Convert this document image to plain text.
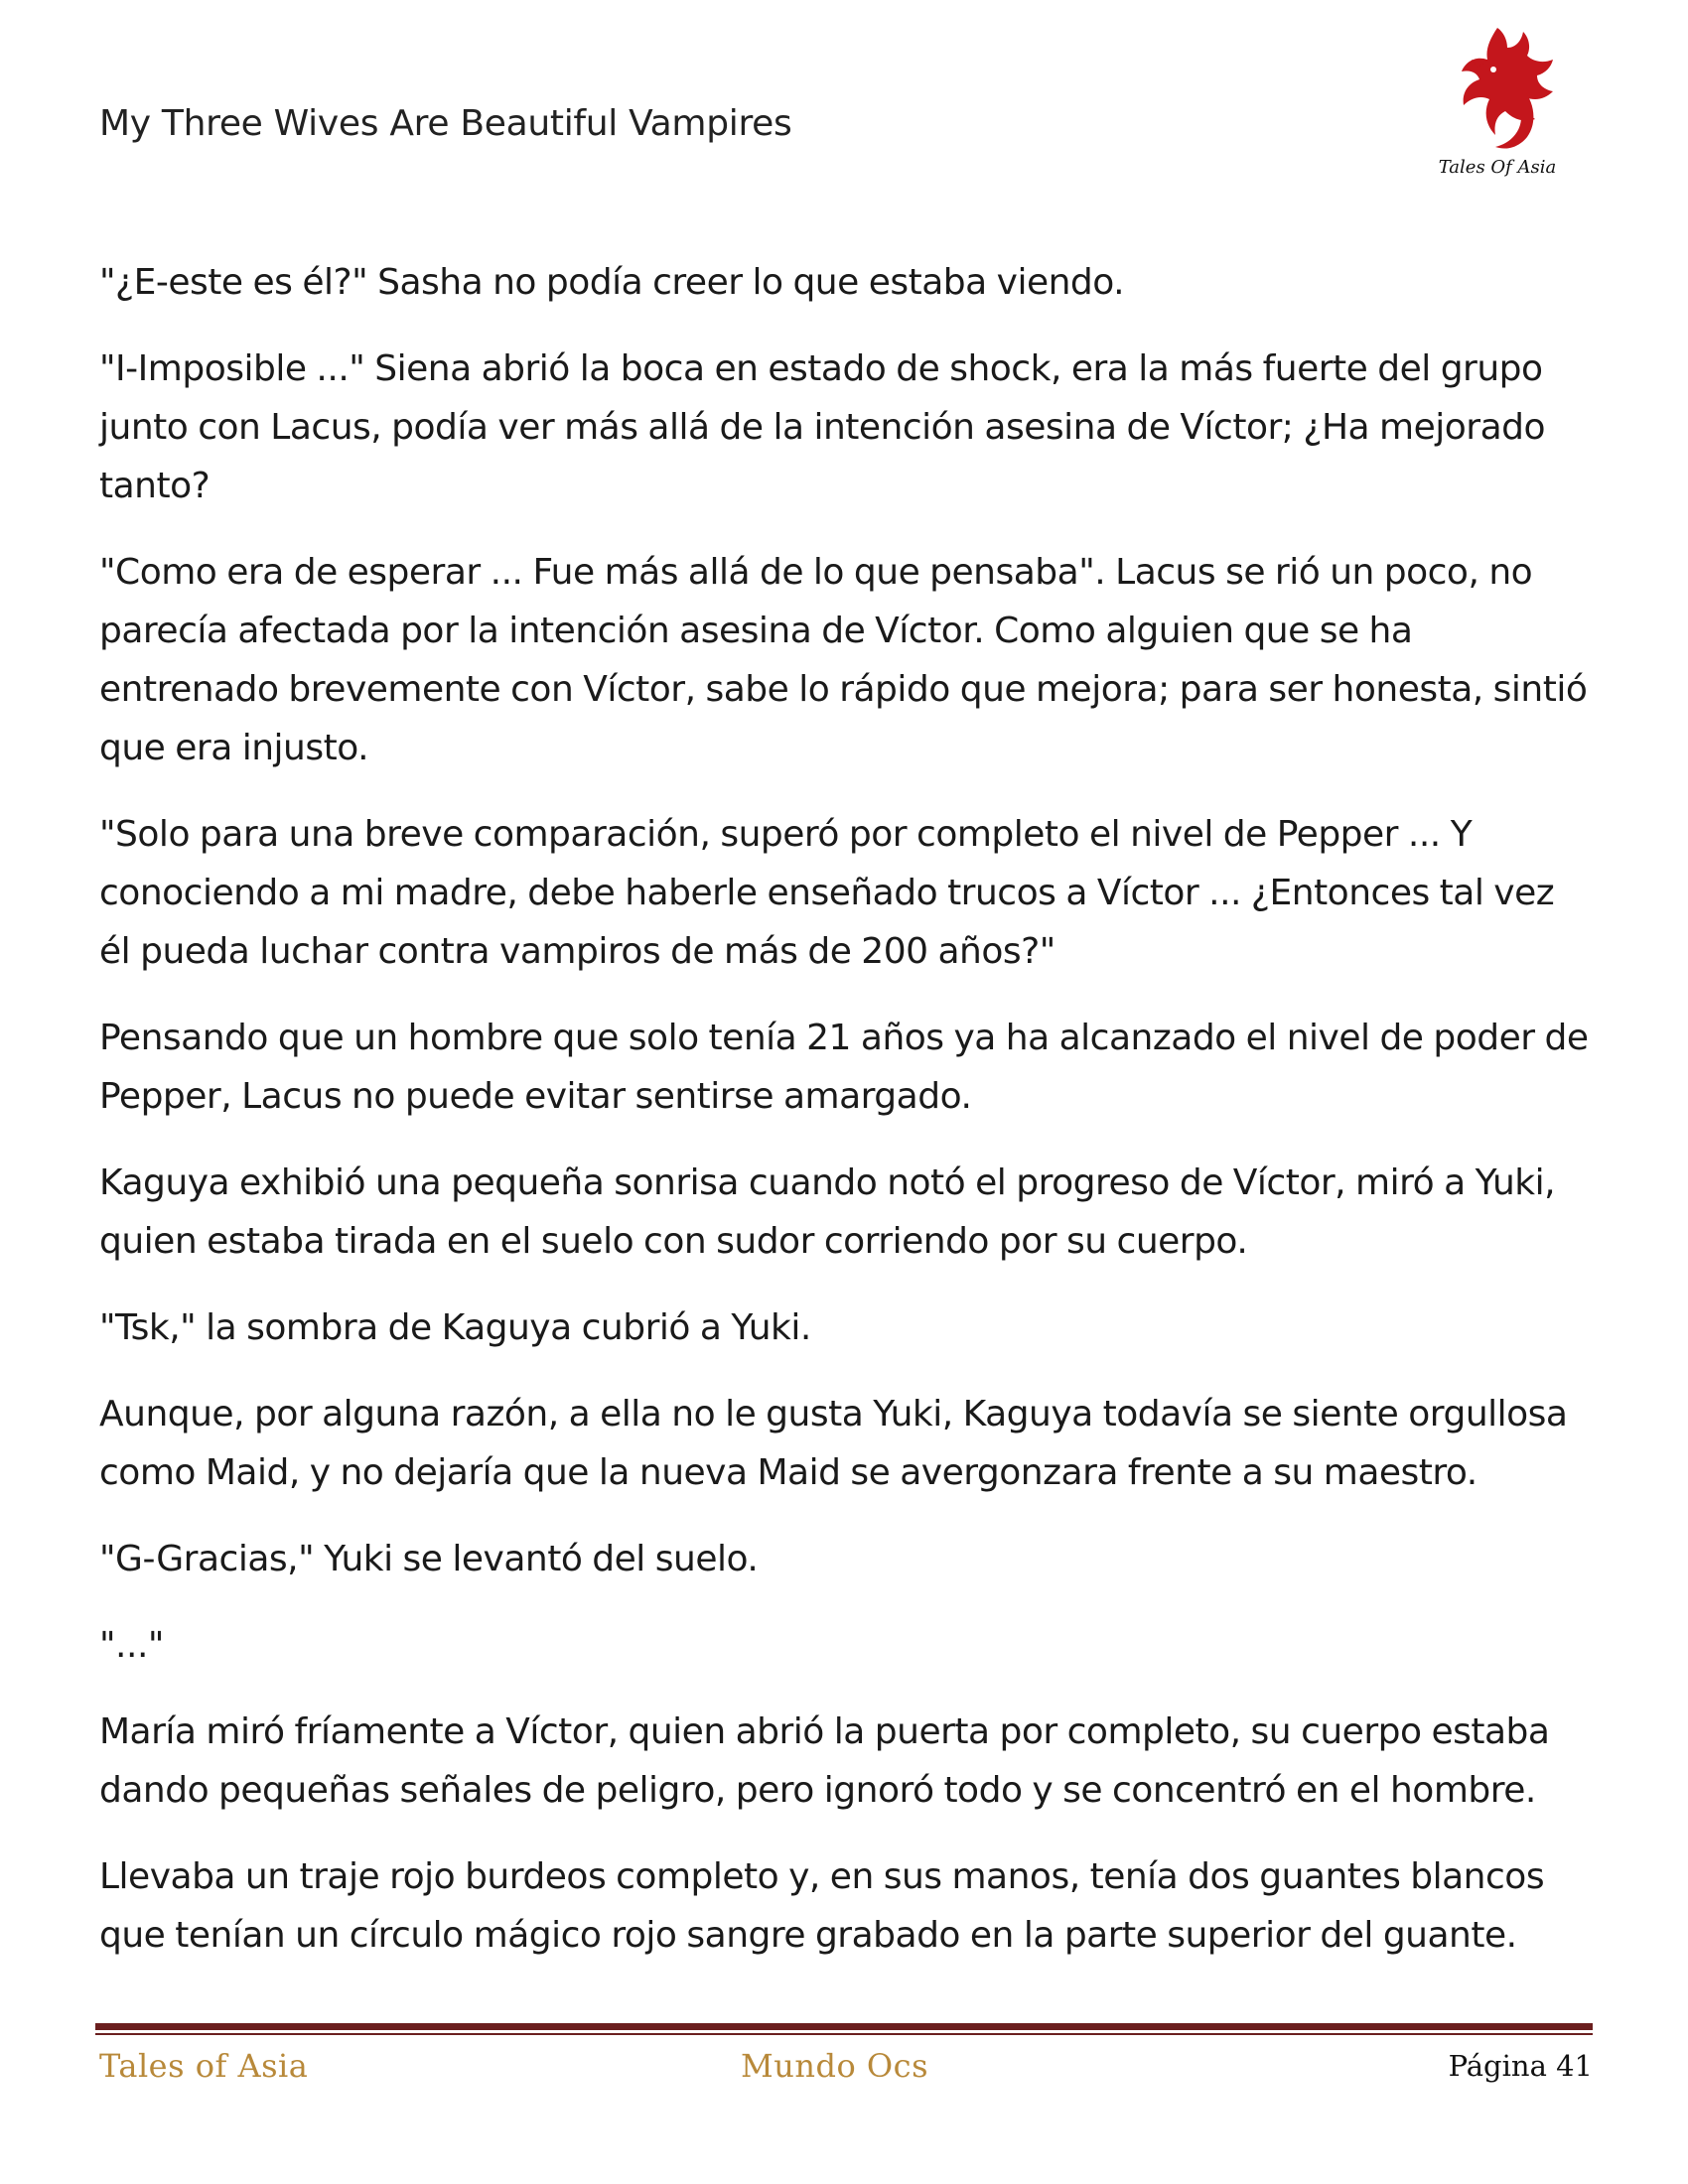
My Three Wives Are Beautiful Vampires
Tales Of Asia

"¿E-este es él?" Sasha no podía creer lo que estaba viendo.

"I-Imposible ..." Siena abrió la boca en estado de shock, era la más fuerte del grupo junto con Lacus, podía ver más allá de la intención asesina de Víctor; ¿Ha mejorado tanto?

"Como era de esperar ... Fue más allá de lo que pensaba". Lacus se rió un poco, no parecía afectada por la intención asesina de Víctor. Como alguien que se ha entrenado brevemente con Víctor, sabe lo rápido que mejora; para ser honesta, sintió que era injusto.

"Solo para una breve comparación, superó por completo el nivel de Pepper ... Y conociendo a mi madre, debe haberle enseñado trucos a Víctor ... ¿Entonces tal vez él pueda luchar contra vampiros de más de 200 años?"

Pensando que un hombre que solo tenía 21 años ya ha alcanzado el nivel de poder de Pepper, Lacus no puede evitar sentirse amargado.

Kaguya exhibió una pequeña sonrisa cuando notó el progreso de Víctor, miró a Yuki, quien estaba tirada en el suelo con sudor corriendo por su cuerpo.

"Tsk," la sombra de Kaguya cubrió a Yuki.

Aunque, por alguna razón, a ella no le gusta Yuki, Kaguya todavía se siente orgullosa como Maid, y no dejaría que la nueva Maid se avergonzara frente a su maestro.

"G-Gracias," Yuki se levantó del suelo.

"..."

María miró fríamente a Víctor, quien abrió la puerta por completo, su cuerpo estaba dando pequeñas señales de peligro, pero ignoró todo y se concentró en el hombre.

Llevaba un traje rojo burdeos completo y, en sus manos, tenía dos guantes blancos que tenían un círculo mágico rojo sangre grabado en la parte superior del guante.

Tales of Asia	Mundo Ocs	Página 41
